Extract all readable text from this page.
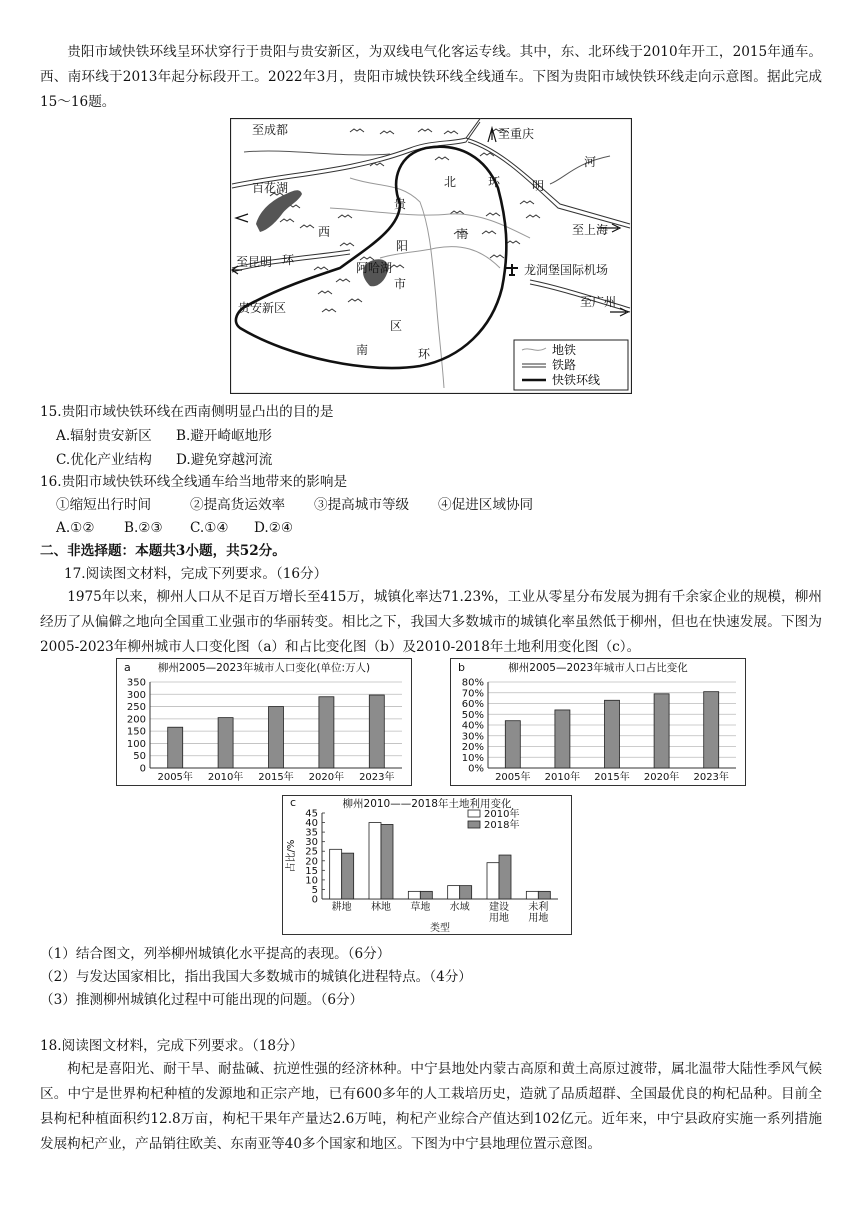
贵阳市域快铁环线呈环状穿行于贵阳与贵安新区，为双线电气化客运专线。其中，东、北环线于2010年开工，2015年通车。西、南环线于2013年起分标段开工。2022年3月，贵阳市城快铁环线全线通车。下图为贵阳市域快铁环线走向示意图。据此完成15～16题。
至成都	至重庆
百花湖
河
北	环	明
贵
西	南	至上海
阳
至昆明 环
阿哈湖
市
龙洞堡国际机场
贵安新区	至广州
区
南	环	地铁
铁路
快铁环线
15.贵阳市域快铁环线在西南侧明显凸出的目的是
A.辐射贵安新区 B.避开崎岖地形
C.优化产业结构 D.避免穿越河流
16.贵阳市域快铁环线全线通车给当地带来的影响是
①缩短出行时间	②提高货运效率 ③提高城市等级 ④促进区域协同
A.①② B.②③ C.①④ D.②④
二、非选择题：本题共3小题，共52分。
17.阅读图文材料，完成下列要求。（16分）
1975年以来，柳州人口从不足百万增长至415万，城镇化率达71.23%，工业从零星分布发展为拥有千余家企业的规模，柳州经历了从偏僻之地向全国重工业强市的华丽转变。相比之下，我国大多数城市的城镇化率虽然低于柳州，但也在快速发展。下图为2005-2023年柳州城市人口变化图（a）和占比变化图（b）及2010-2018年土地利用变化图（c）。
a	柳州2005—2023年城市人口变化(单位:万人)
0
50
100
150
200
250
300
350
2005年 2010年 2015年 2020年 2023年
b	柳州2005—2023年城市人口占比变化
0%
10%
20%
30%
40%
50%
60%
70%
80%
2005年 2010年 2015年 2020年 2023年
c	柳州2010——2018年土地利用变化
0
5
10
15
20
25
30
35
40
45
占比/%
耕地 林地 草地 水域 建设
用地
未利
用地
类型
2010年
2018年
（1）结合图文，列举柳州城镇化水平提高的表现。（6分）
（2）与发达国家相比，指出我国大多数城市的城镇化进程特点。（4分）
（3）推测柳州城镇化过程中可能出现的问题。（6分）
18.阅读图文材料，完成下列要求。（18分）
枸杞是喜阳光、耐干旱、耐盐碱、抗逆性强的经济林种。中宁县地处内蒙古高原和黄土高原过渡带，属北温带大陆性季风气候区。中宁是世界枸杞种植的发源地和正宗产地，已有600多年的人工栽培历史，造就了品质超群、全国最优良的枸杞品种。目前全县枸杞种植面积约12.8万亩，枸杞干果年产量达2.6万吨，枸杞产业综合产值达到102亿元。近年来，中宁县政府实施一系列措施发展枸杞产业，产品销往欧美、东南亚等40多个国家和地区。下图为中宁县地理位置示意图。
